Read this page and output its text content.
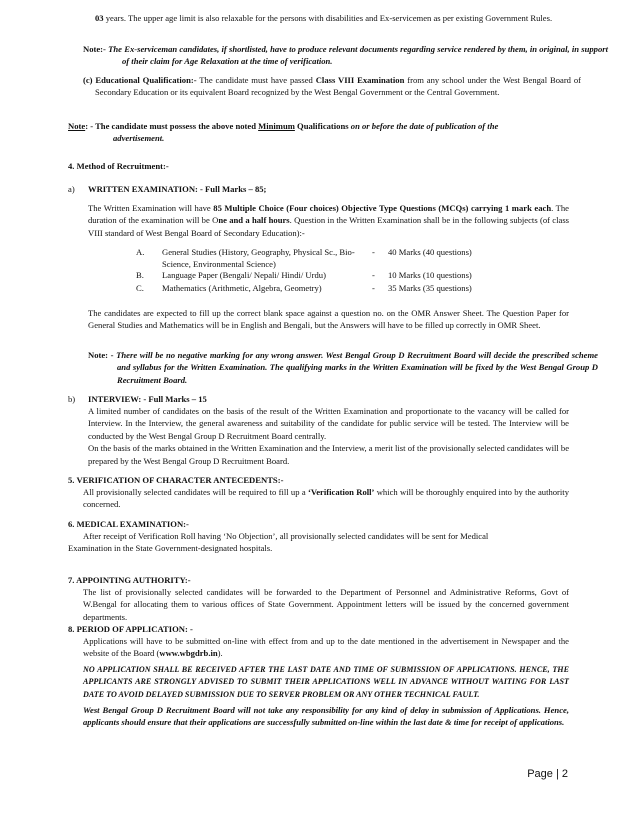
03 years. The upper age limit is also relaxable for the persons with disabilities and Ex-servicemen as per existing Government Rules.

Note:- The Ex-serviceman candidates, if shortlisted, have to produce relevant documents regarding service rendered by them, in original, in support of their claim for Age Relaxation at the time of verification.

(c) Educational Qualification:- The candidate must have passed Class VIII Examination from any school under the West Bengal Board of Secondary Education or its equivalent Board recognized by the West Bengal Government or the Central Government.

Note: - The candidate must possess the above noted Minimum Qualifications on or before the date of publication of the

advertisement.

4. Method of Recruitment:-
a)	WRITTEN EXAMINATION: - Full Marks – 85;

The Written Examination will have 85 Multiple Choice (Four choices) Objective Type Questions (MCQs) carrying 1 mark each. The duration of the examination will be One and a half hours. Question in the Written Examination shall be in the following subjects (of class VIII standard of West Bengal Board of Secondary Education):-

A. General Studies (History, Geography, Physical Sc., Bio-Science, Environmental Science)
- 40 Marks (40 questions)
B. Language Paper (Bengali/ Nepali/ Hindi/ Urdu)	- 10 Marks (10 questions)
C. Mathematics (Arithmetic, Algebra, Geometry)	- 35 Marks (35 questions)

The candidates are expected to fill up the correct blank space against a question no. on the OMR Answer Sheet. The Question Paper for General Studies and Mathematics will be in English and Bengali, but the Answers will have to be filled up correctly in OMR Sheet.

Note: - There will be no negative marking for any wrong answer. West Bengal Group D Recruitment Board will decide the prescribed scheme and syllabus for the Written Examination. The qualifying marks in the Written Examination will be fixed by the West Bengal Group D Recruitment Board.

b)	INTERVIEW: - Full Marks – 15

A limited number of candidates on the basis of the result of the Written Examination and proportionate to the vacancy will be called for Interview. In the Interview, the general awareness and suitability of the candidate for public service will be tested. The Interview will be conducted by the West Bengal Group D Recruitment Board centrally.

On the basis of the marks obtained in the Written Examination and the Interview, a merit list of the provisionally selected candidates will be prepared by the West Bengal Group D Recruitment Board.

5. VERIFICATION OF CHARACTER ANTECEDENTS:-

All provisionally selected candidates will be required to fill up a ‘Verification Roll’ which will be thoroughly enquired into by the authority concerned.

6. MEDICAL EXAMINATION:-
After receipt of Verification Roll having ‘No Objection’, all provisionally selected candidates will be sent for Medical
Examination in the State Government-designated hospitals.
7. APPOINTING AUTHORITY:-

The list of provisionally selected candidates will be forwarded to the Department of Personnel and Administrative Reforms, Govt of W.Bengal for allocating them to various offices of State Government. Appointment letters will be issued by the concerned government departments.

8. PERIOD OF APPLICATION: -

Applications will have to be submitted on-line with effect from and up to the date mentioned in the advertisement in Newspaper and the website of the Board (www.wbgdrb.in).

NO APPLICATION SHALL BE RECEIVED AFTER THE LAST DATE AND TIME OF SUBMISSION OF APPLICATIONS. HENCE, THE APPLICANTS ARE STRONGLY ADVISED TO SUBMIT THEIR APPLICATIONS WELL IN ADVANCE WITHOUT WAITING FOR LAST DATE TO AVOID DELAYED SUBMISSION DUE TO SERVER PROBLEM OR ANY OTHER TECHNICAL FAULT.

West Bengal Group D Recruitment Board will not take any responsibility for any kind of delay in submission of Applications. Hence, applicants should ensure that their applications are successfully submitted on-line within the last date & time for receipt of applications.

Page | 2
